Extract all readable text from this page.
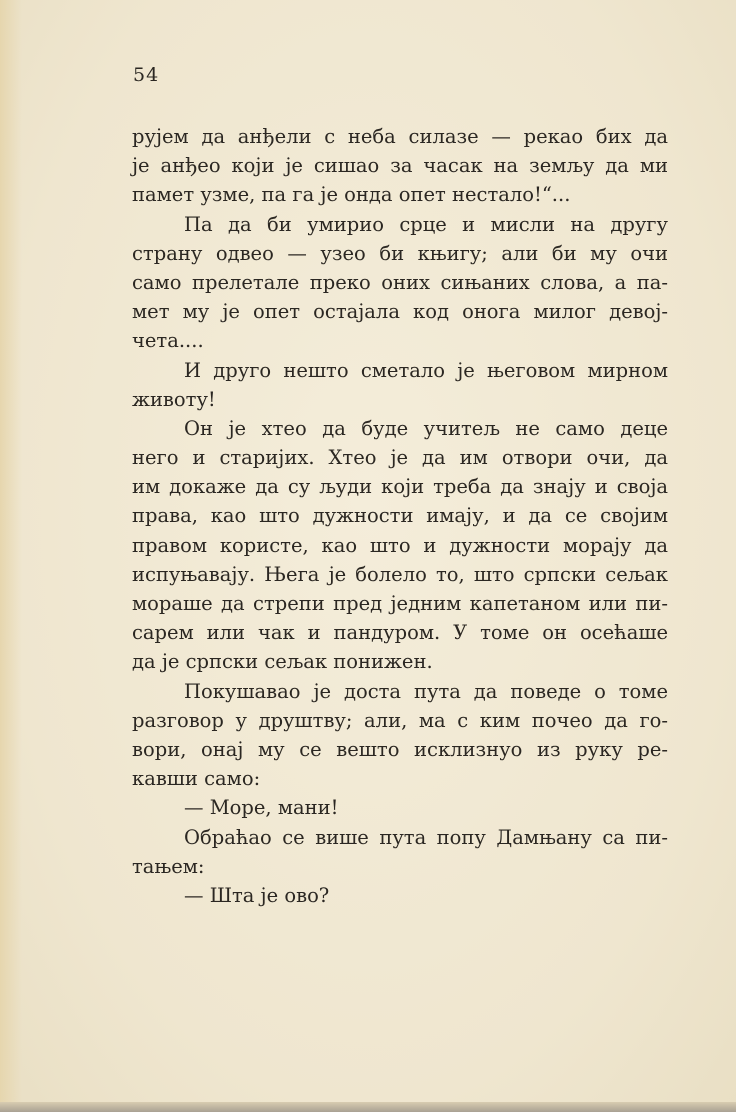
54
рујем да анђели с неба силазе — рекао бих да
је анђео који је сишао за часак на земљу да ми
памет узме, па га је онда опет нестало!“...
Па да би умирио срце и мисли на другу
страну одвео — узео би књигу; али би му очи
само прелетале преко оних сињаних слова, а па-
мет му је опет остајала код онога милог девој-
чета....
И друго нешто сметало је његовом мирном
животу!
Он је хтео да буде учитељ не само деце
него и старијих. Хтео је да им отвори очи, да
им докаже да су људи који треба да знају и своја
права, као што дужности имају, и да се својим
правом користе, као што и дужности морају да
испуњавају. Њега је болело то, што српски сељак
мораше да стрепи пред једним капетаном или пи-
сарем или чак и пандуром. У томе он осећаше
да је српски сељак понижен.
Покушавао је доста пута да поведе о томе
разговор у друштву; али, ма с ким почео да го-
вори, онај му се вешто исклизнуо из руку ре-
кавши само:
— Море, мани!
Обраћао се више пута попу Дамњану са пи-
тањем:
— Шта је ово?
